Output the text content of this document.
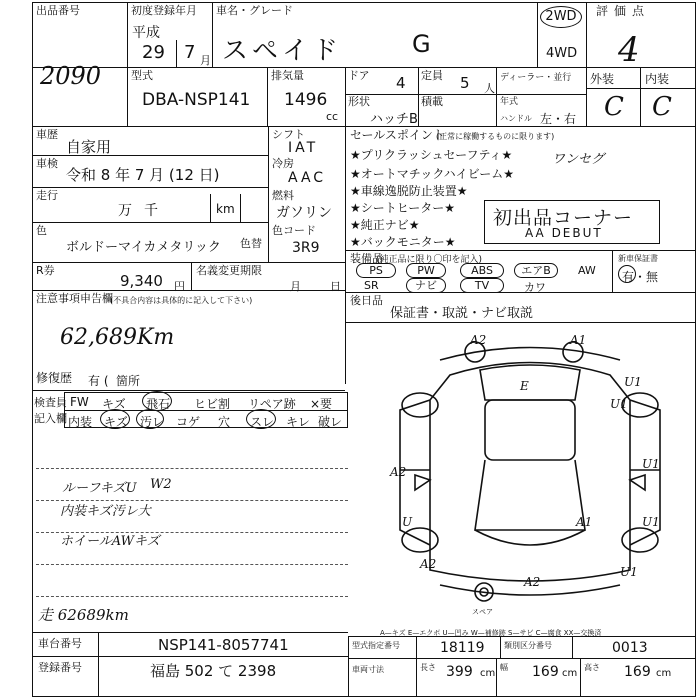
出品番号
2090
初度登録年月
平成
29 7 月
車名・グレード
スペイド	G
2WD
4WD
評価点
4
型式
DBA-NSP141
排気量
1496
cc
ドア 4 定員 5 人
ディーラー・並行
年式
形状
ハッチB
積載
ハンドル 左・右
外装	内装
C C
車歴
自家用
車検
令和 8 年 7 月 (12 日)
走行
万 千	km
色
ボルドーマイカメタリック 色替
R券
9,340 円
名義変更期限
月	日
注意事項申告欄
(不具合内容は具体的に記入して下さい)
62,689Km
修復歴 有 ( 箇所
シフト
IAT
冷房
AAC
燃料
ガソリン
色コード
3R9
セールスポイント
(正常に稼働するものに限ります)
★プリクラッシュセーフティ★
★オートマチックハイビーム★
★車線逸脱防止装置★
★シートヒーター★
★純正ナビ★
★バックモニター★
ワンセグ
初出品コーナー
AA DEBUT
装備品
(純正品に限り〇印を記入)	新車保証書
有・無
PS	PW	ABS	エアB	AW
SR	ナビ	TV	カワ
後日品
保証書・取説・ナビ取説
検査員
記入欄
FW キズ 飛石 ヒビ割 リペア跡 ×要
内装 キズ 汚レ コゲ 穴 スレ キレ 破レ
ルーフキズU W2
内装キズ汚レ大
ホイールAWキズ
走 62689km
A2	A1
E	U1
U1
A2
U	A1
A2
A2
U1
U1
U1
スペア
A—キズ E—エクボ U—凹み W—補修跡 S—サビ C—腐食 XX—交換済
車台番号	NSP141-8057741
登録番号	福島 502 て 2398
型式指定番号	18119 類別区分番号	0013
車両寸法	長さ 399 cm
幅 169 cm
高さ 169 cm
